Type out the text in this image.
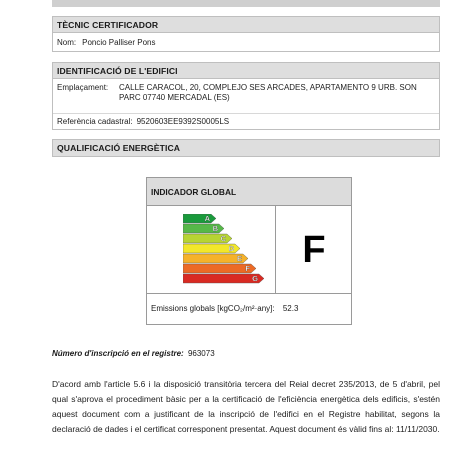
TÈCNIC CERTIFICADOR
Nom: Poncio Palliser Pons
IDENTIFICACIÓ DE L'EDIFICI
Emplaçament:	CALLE CARACOL, 20, COMPLEJO SES ARCADES, APARTAMENTO 9 URB. SON PARC 07740 MERCADAL (ES)
Referència cadastral: 9520603EE9392S0005LS
QUALIFICACIÓ ENERGÈTICA
INDICADOR GLOBAL
A
B
C
D
E
F
G
F
Emissions globals [kgCO₂/m²·any]: 52.3
Número d'inscripció en el registre: 963073
D'acord amb l'article 5.6 i la disposició transitòria tercera del Reial decret 235/2013, de 5 d'abril, pel qual s'aprova el procediment bàsic per a la certificació de l'eficiència energètica dels edificis, s'estén aquest document com a justificant de la inscripció de l'edifici en el Registre habilitat, segons la declaració de dades i el certificat corresponent presentat. Aquest document és vàlid fins al: 11/11/2030.
